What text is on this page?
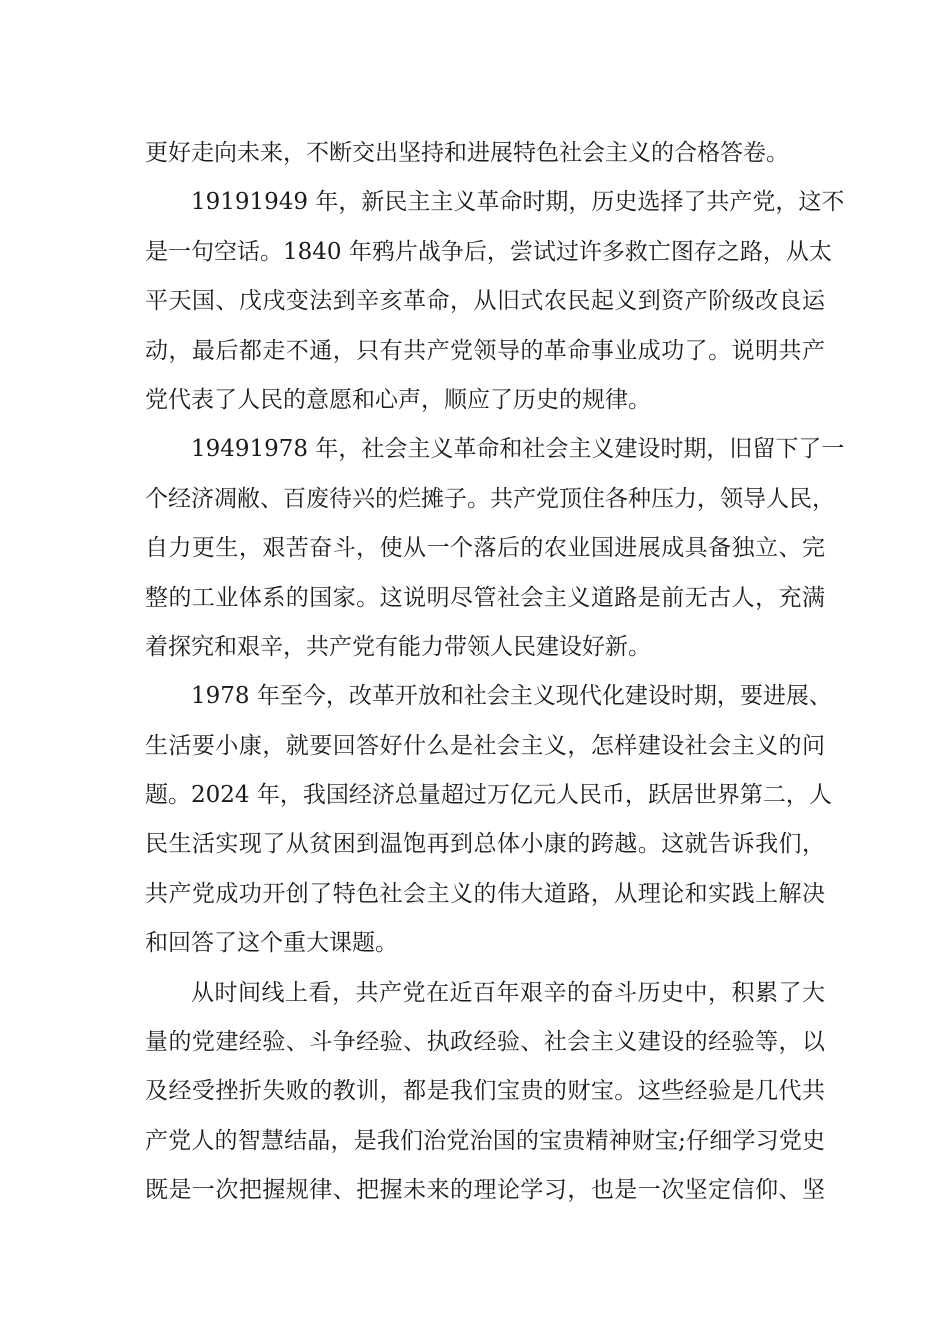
更好走向未来，不断交出坚持和进展特色社会主义的合格答卷。
19191949 年，新民主主义革命时期，历史选择了共产党，这不
是一句空话。1840 年鸦片战争后，尝试过许多救亡图存之路，从太
平天国、戊戌变法到辛亥革命，从旧式农民起义到资产阶级改良运
动，最后都走不通，只有共产党领导的革命事业成功了。说明共产
党代表了人民的意愿和心声，顺应了历史的规律。
19491978 年，社会主义革命和社会主义建设时期，旧留下了一
个经济凋敝、百废待兴的烂摊子。共产党顶住各种压力，领导人民，
自力更生，艰苦奋斗，使从一个落后的农业国进展成具备独立、完
整的工业体系的国家。这说明尽管社会主义道路是前无古人，充满
着探究和艰辛，共产党有能力带领人民建设好新。
1978 年至今，改革开放和社会主义现代化建设时期，要进展、
生活要小康，就要回答好什么是社会主义，怎样建设社会主义的问
题。2024 年，我国经济总量超过万亿元人民币，跃居世界第二，人
民生活实现了从贫困到温饱再到总体小康的跨越。这就告诉我们，
共产党成功开创了特色社会主义的伟大道路，从理论和实践上解决
和回答了这个重大课题。
从时间线上看，共产党在近百年艰辛的奋斗历史中，积累了大
量的党建经验、斗争经验、执政经验、社会主义建设的经验等，以
及经受挫折失败的教训，都是我们宝贵的财宝。这些经验是几代共
产党人的智慧结晶，是我们治党治国的宝贵精神财宝;仔细学习党史
既是一次把握规律、把握未来的理论学习，也是一次坚定信仰、坚
